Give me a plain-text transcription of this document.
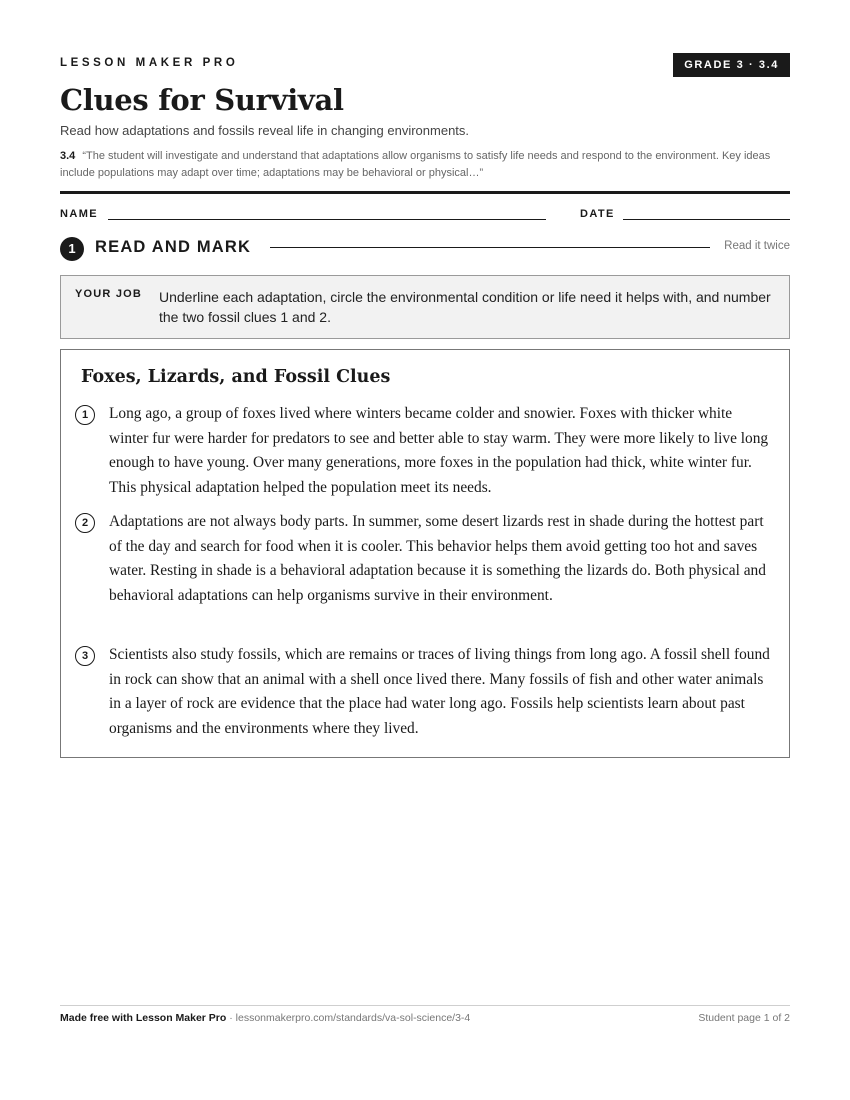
LESSON MAKER PRO	GRADE 3 · 3.4
Clues for Survival
Read how adaptations and fossils reveal life in changing environments.
3.4 “The student will investigate and understand that adaptations allow organisms to satisfy life needs and respond to the environment. Key ideas include populations may adapt over time; adaptations may be behavioral or physical…”
NAME	DATE
1	READ AND MARK	Read it twice
YOUR JOB Underline each adaptation, circle the environmental condition or life need it helps with, and number the two fossil clues 1 and 2.
Foxes, Lizards, and Fossil Clues
1	Long ago, a group of foxes lived where winters became colder and snowier. Foxes with thicker white winter fur were harder for predators to see and better able to stay warm. They were more likely to live long enough to have young. Over many generations, more foxes in the population had thick, white winter fur. This physical adaptation helped the population meet its needs.
2	Adaptations are not always body parts. In summer, some desert lizards rest in shade during the hottest part of the day and search for food when it is cooler. This behavior helps them avoid getting too hot and saves water. Resting in shade is a behavioral adaptation because it is something the lizards do. Both physical and behavioral adaptations can help organisms survive in their environment.
3	Scientists also study fossils, which are remains or traces of living things from long ago. A fossil shell found in rock can show that an animal with a shell once lived there. Many fossils of fish and other water animals in a layer of rock are evidence that the place had water long ago. Fossils help scientists learn about past organisms and the environments where they lived.
Made free with Lesson Maker Pro · lessonmakerpro.com/standards/va-sol-science/3-4	Student page 1 of 2
